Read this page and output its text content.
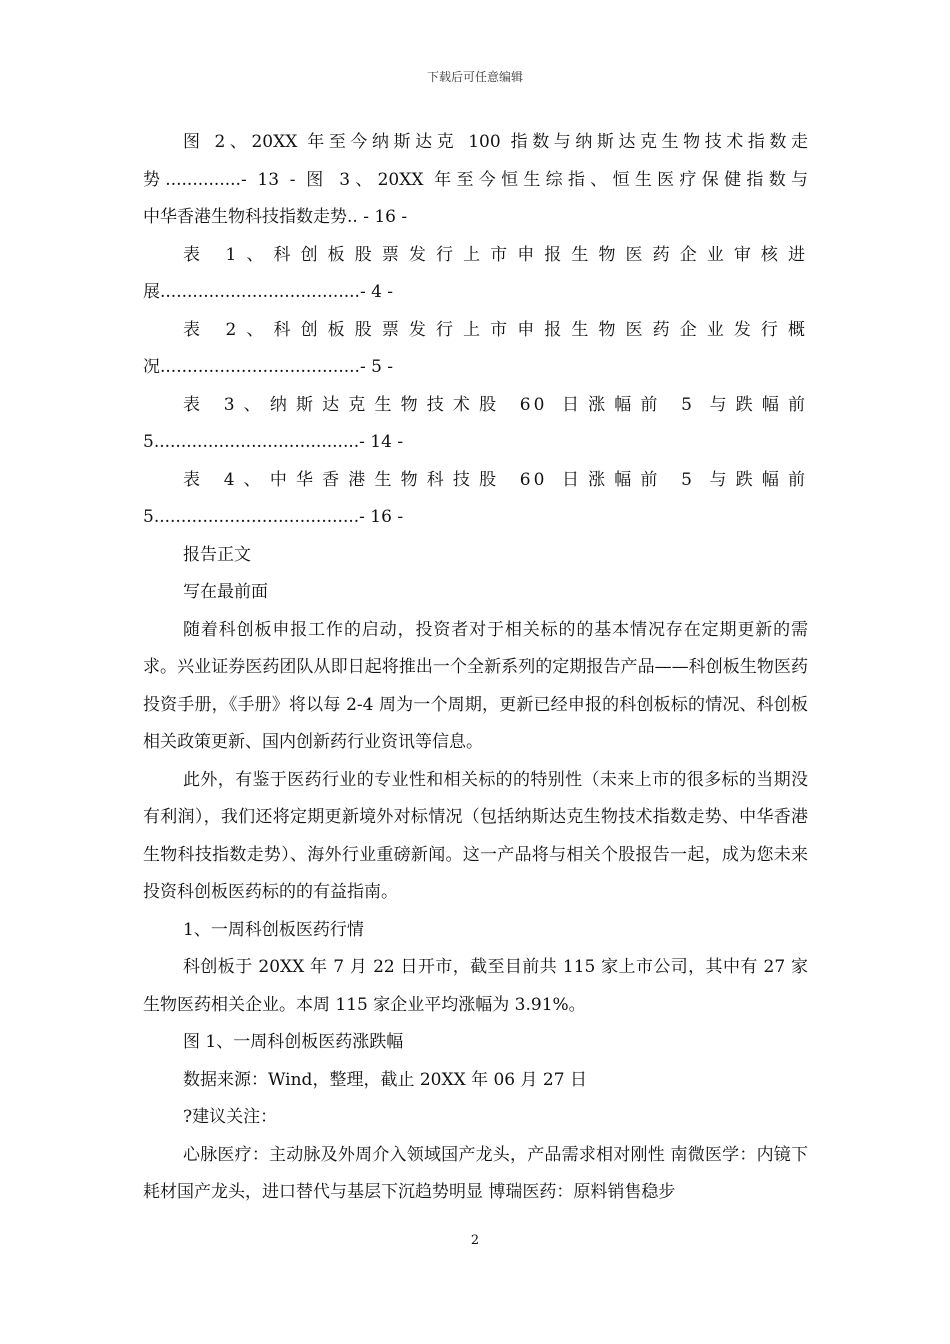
下载后可任意编辑

图 2、20XX 年至今纳斯达克 100 指数与纳斯达克生物技术指数走

势..............- 13 - 图 3、20XX 年至今恒生综指、恒生医疗保健指数与

中华香港生物科技指数走势.. - 16 -

表 1、科创板股票发行上市申报生物医药企业审核进

展.....................................- 4 -

表 2、科创板股票发行上市申报生物医药企业发行概

况.....................................- 5 -

表 3、纳斯达克生物技术股 60 日涨幅前 5 与跌幅前

5......................................- 14 -

表 4、中华香港生物科技股 60 日涨幅前 5 与跌幅前

5......................................- 16 -

报告正文

写在最前面

随着科创板申报工作的启动，投资者对于相关标的的基本情况存在定期更新的需求。兴业证券医药团队从即日起将推出一个全新系列的定期报告产品——科创板生物医药投资手册，《手册》将以每 2-4 周为一个周期，更新已经申报的科创板标的情况、科创板相关政策更新、国内创新药行业资讯等信息。

此外，有鉴于医药行业的专业性和相关标的的特别性（未来上市的很多标的当期没有利润），我们还将定期更新境外对标情况（包括纳斯达克生物技术指数走势、中华香港生物科技指数走势）、海外行业重磅新闻。这一产品将与相关个股报告一起，成为您未来投资科创板医药标的的有益指南。

1、一周科创板医药行情

科创板于 20XX 年 7 月 22 日开市，截至目前共 115 家上市公司，其中有 27 家生物医药相关企业。本周 115 家企业平均涨幅为 3.91%。

图 1、一周科创板医药涨跌幅

数据来源：Wind，整理，截止 20XX 年 06 月 27 日

?建议关注：

心脉医疗：主动脉及外周介入领域国产龙头，产品需求相对刚性 南微医学：内镜下耗材国产龙头，进口替代与基层下沉趋势明显 博瑞医药：原料销售稳步

2
